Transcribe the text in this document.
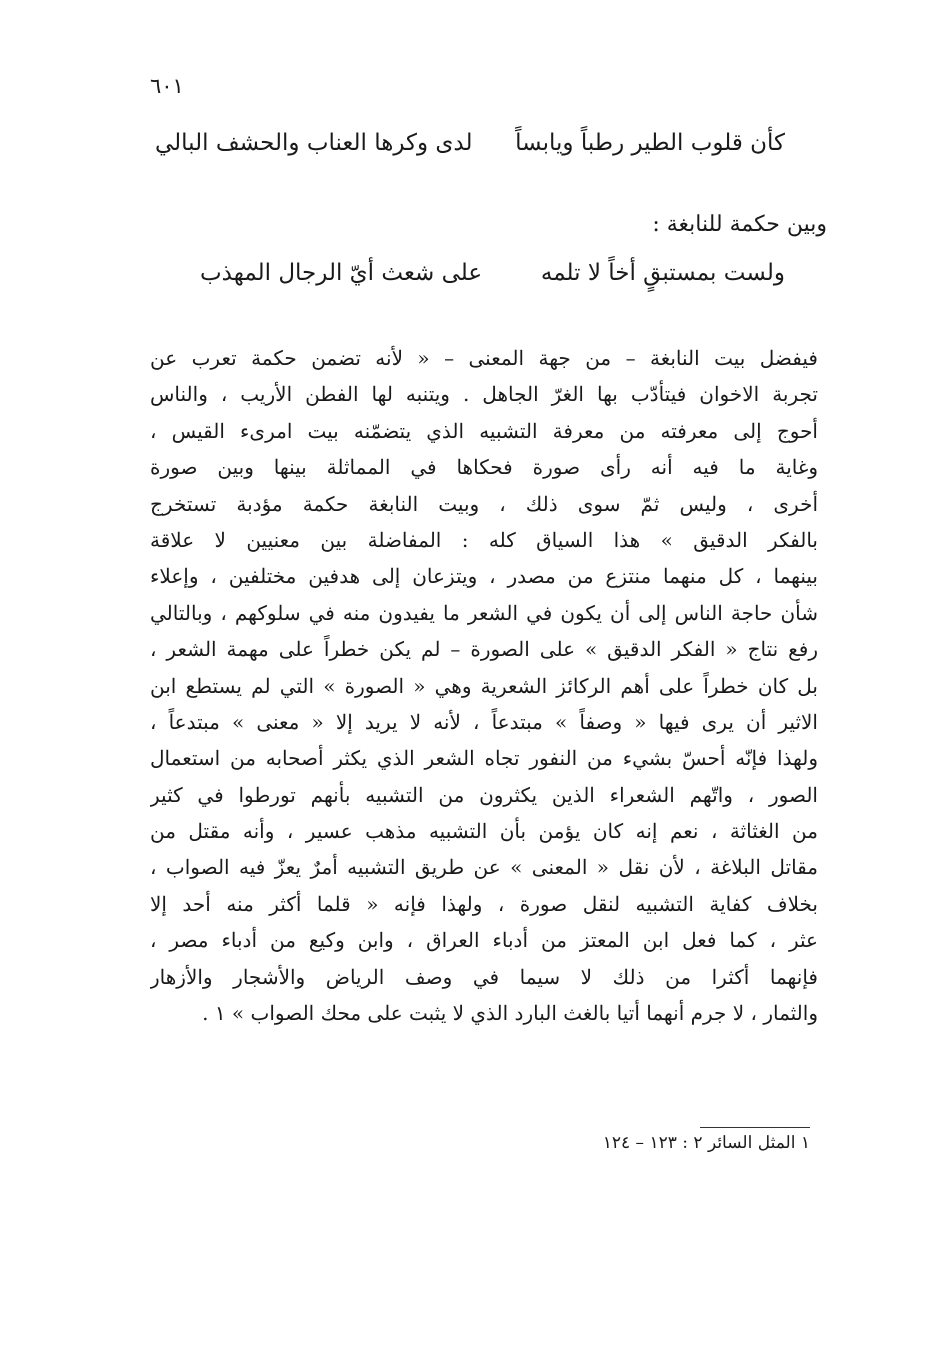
٦٠١
كأن قلوب الطير رطباً ويابساً
لدى وكرها العناب والحشف البالي
وبين حكمة للنابغة :
ولست بمستبقٍ أخاً لا تلمه
على شعث أيّ الرجال المهذب
فيفضل بيت النابغة – من جهة المعنى – « لأنه تضمن حكمة تعرب عن
تجربة الاخوان فيتأدّب بها الغرّ الجاهل . ويتنبه لها الفطن الأريب ، والناس
أحوج إلى معرفته من معرفة التشبيه الذي يتضمّنه بيت امرىء القيس ،
وغاية ما فيه أنه رأى صورة فحكاها في المماثلة بينها وبين صورة
أخرى ، وليس ثمّ سوى ذلك ، وبيت النابغة حكمة مؤدبة تستخرج
بالفكر الدقيق » هذا السياق كله : المفاضلة بين معنيين لا علاقة
بينهما ، كل منهما منتزع من مصدر ، ويتزعان إلى هدفين مختلفين ، وإعلاء
شأن حاجة الناس إلى أن يكون في الشعر ما يفيدون منه في سلوكهم ، وبالتالي
رفع نتاج « الفكر الدقيق » على الصورة – لم يكن خطراً على مهمة الشعر ،
بل كان خطراً على أهم الركائز الشعرية وهي « الصورة » التي لم يستطع ابن
الاثير أن يرى فيها « وصفاً » مبتدعاً ، لأنه لا يريد إلا « معنى » مبتدعاً ،
ولهذا فإنّه أحسّ بشيء من النفور تجاه الشعر الذي يكثر أصحابه من استعمال
الصور ، واتّهم الشعراء الذين يكثرون من التشبيه بأنهم تورطوا في كثير
من الغثاثة ، نعم إنه كان يؤمن بأن التشبيه مذهب عسير ، وأنه مقتل من
مقاتل البلاغة ، لأن نقل « المعنى » عن طريق التشبيه أمرٌ يعزّ فيه الصواب ،
بخلاف كفاية التشبيه لنقل صورة ، ولهذا فإنه « قلما أكثر منه أحد إلا
عثر ، كما فعل ابن المعتز من أدباء العراق ، وابن وكيع من أدباء مصر ،
فإنهما أكثرا من ذلك لا سيما في وصف الرياض والأشجار والأزهار
والثمار ، لا جرم أنهما أتيا بالغث البارد الذي لا يثبت على محك الصواب » ١ .
١ المثل السائر ٢ : ١٢٣ – ١٢٤
